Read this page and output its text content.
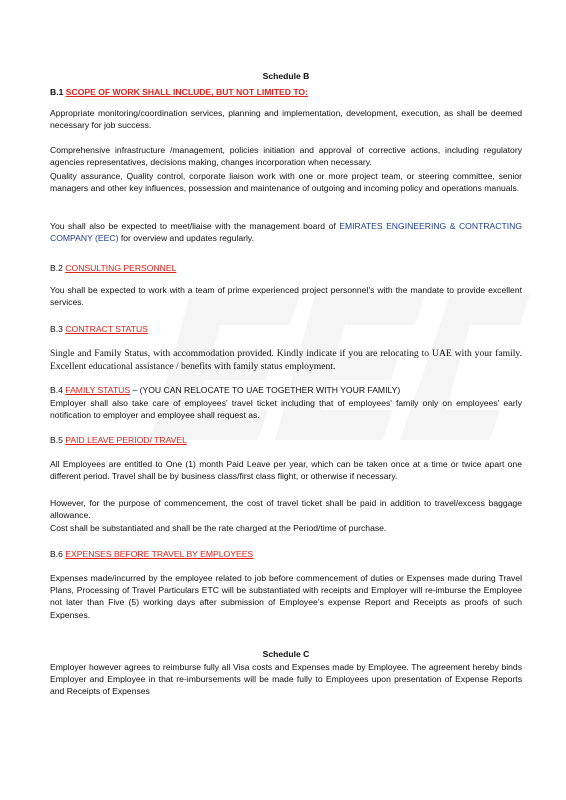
Schedule B
B.1 SCOPE OF WORK SHALL INCLUDE, BUT NOT LIMITED TO:

Appropriate monitoring/coordination services, planning and implementation, development, execution, as shall be deemed necessary for job success.

Comprehensive infrastructure /management, policies initiation and approval of corrective actions, including regulatory agencies representatives, decisions making, changes incorporation when necessary.

Quality assurance, Quality control, corporate liaison work with one or more project team, or steering committee, senior managers and other key influences, possession and maintenance of outgoing and incoming policy and operations manuals.

You shall also be expected to meet/liaise with the management board of EMIRATES ENGINEERING & CONTRACTING COMPANY (EEC) for overview and updates regularly.

B.2 CONSULTING PERSONNEL

You shall be expected to work with a team of prime experienced project personnel’s with the mandate to provide excellent services.

B.3 CONTRACT STATUS

Single and Family Status, with accommodation provided. Kindly indicate if you are relocating to UAE with your family. Excellent educational assistance / benefits with family status employment.

B.4 FAMILY STATUS – (YOU CAN RELOCATE TO UAE TOGETHER WITH YOUR FAMILY)

Employer shall also take care of employees' travel ticket including that of employees' family only on employees' early notification to employer and employee shall request as.

B.5 PAID LEAVE PERIOD/ TRAVEL

All Employees are entitled to One (1) month Paid Leave per year, which can be taken once at a time or twice apart one different period. Travel shall be by business class/first class flight, or otherwise if necessary.

However, for the purpose of commencement, the cost of travel ticket shall be paid in addition to travel/excess baggage allowance.

Cost shall be substantiated and shall be the rate charged at the Period/time of purchase.

B.6 EXPENSES BEFORE TRAVEL BY EMPLOYEES

Expenses made/incurred by the employee related to job before commencement of duties or Expenses made during Travel Plans, Processing of Travel Particulars ETC will be substantiated with receipts and Employer will re-imburse the Employee not later than Five (5) working days after submission of Employee’s expense Report and Receipts as proofs of such Expenses.

Schedule C

Employer however agrees to reimburse fully all Visa costs and Expenses made by Employee. The agreement hereby binds Employer and Employee in that re-imbursements will be made fully to Employees upon presentation of Expense Reports and Receipts of Expenses
